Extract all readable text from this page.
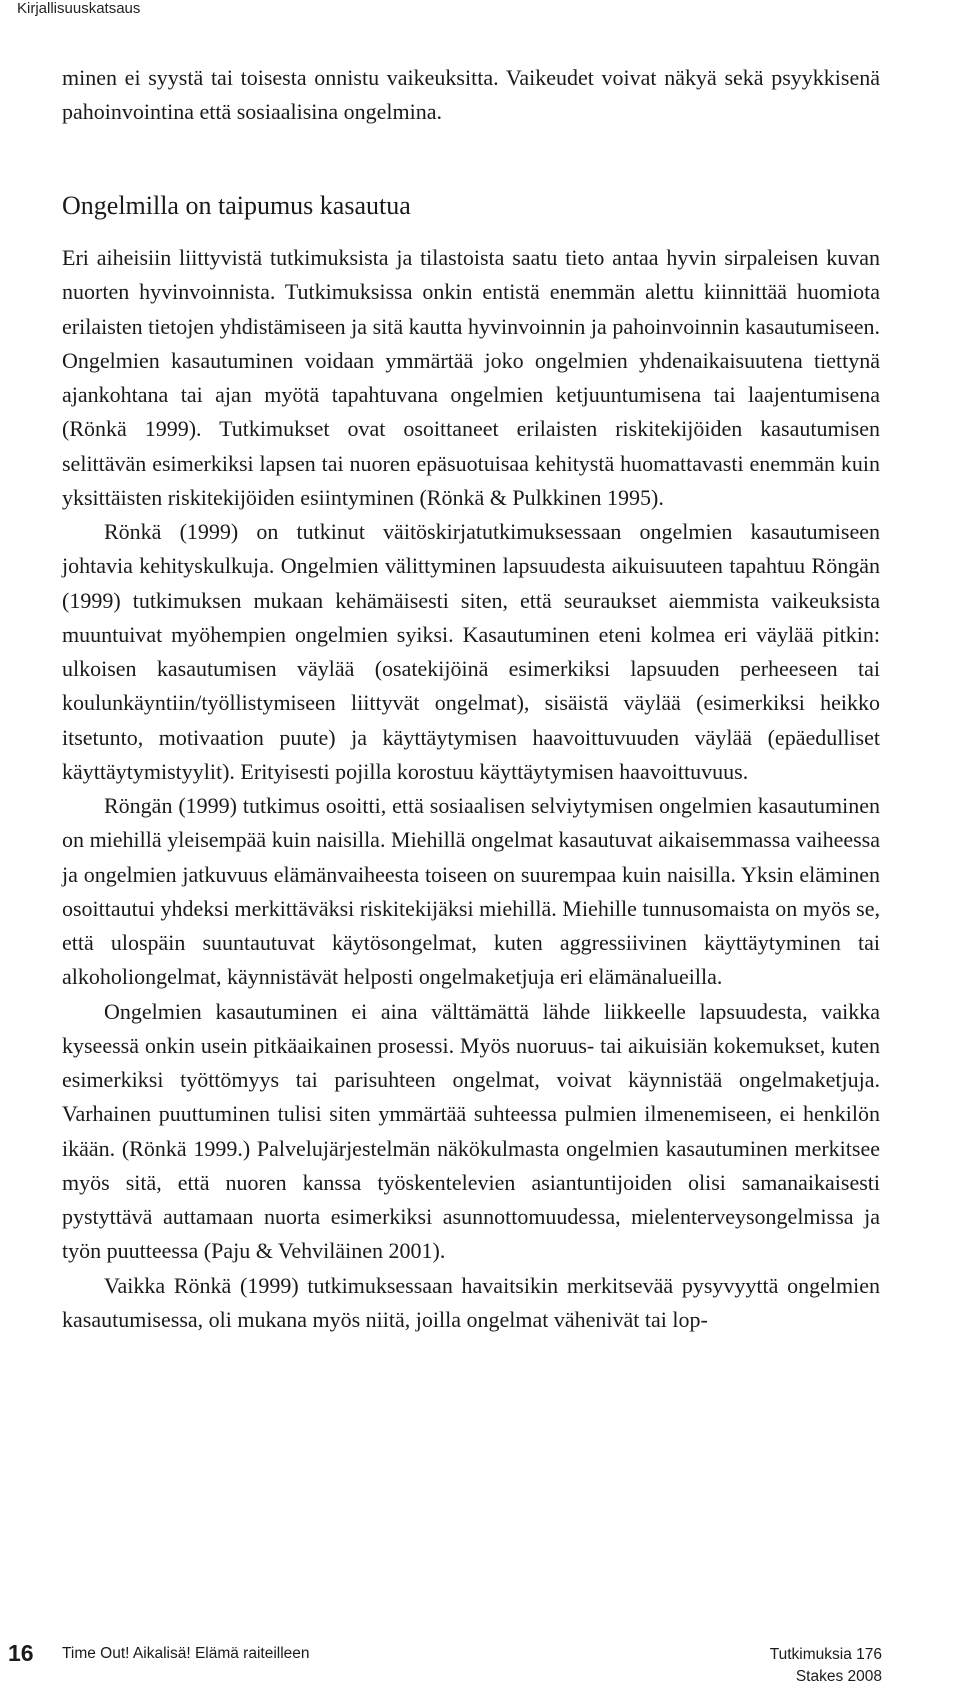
Kirjallisuuskatsaus

minen ei syystä tai toisesta onnistu vaikeuksitta. Vaikeudet voivat näkyä sekä psyykkisenä pahoinvointina että sosiaalisina ongelmina.

Ongelmilla on taipumus kasautua

Eri aiheisiin liittyvistä tutkimuksista ja tilastoista saatu tieto antaa hyvin sirpaleisen kuvan nuorten hyvinvoinnista. Tutkimuksissa onkin entistä enemmän alettu kiinnittää huomiota erilaisten tietojen yhdistämiseen ja sitä kautta hyvinvoinnin ja pahoinvoinnin kasautumiseen. Ongelmien kasautuminen voidaan ymmärtää joko ongelmien yhdenaikaisuutena tiettynä ajankohtana tai ajan myötä tapahtuvana ongelmien ketjuuntumisena tai laajentumisena (Rönkä 1999). Tutkimukset ovat osoittaneet erilaisten riskitekijöiden kasautumisen selittävän esimerkiksi lapsen tai nuoren epäsuotuisaa kehitystä huomattavasti enemmän kuin yksittäisten riskitekijöiden esiintyminen (Rönkä & Pulkkinen 1995).

Rönkä (1999) on tutkinut väitöskirjatutkimuksessaan ongelmien kasautumiseen johtavia kehityskulkuja. Ongelmien välittyminen lapsuudesta aikuisuuteen tapahtuu Röngän (1999) tutkimuksen mukaan kehämäisesti siten, että seuraukset aiemmista vaikeuksista muuntuivat myöhempien ongelmien syiksi. Kasautuminen eteni kolmea eri väylää pitkin: ulkoisen kasautumisen väylää (osatekijöinä esimerkiksi lapsuuden perheeseen tai koulunkäyntiin/työllistymiseen liittyvät ongelmat), sisäistä väylää (esimerkiksi heikko itsetunto, motivaation puute) ja käyttäytymisen haavoittuvuuden väylää (epäedulliset käyttäytymistyylit). Erityisesti pojilla korostuu käyttäytymisen haavoittuvuus.

Röngän (1999) tutkimus osoitti, että sosiaalisen selviytymisen ongelmien kasautuminen on miehillä yleisempää kuin naisilla. Miehillä ongelmat kasautuvat aikaisemmassa vaiheessa ja ongelmien jatkuvuus elämänvaiheesta toiseen on suurempaa kuin naisilla. Yksin eläminen osoittautui yhdeksi merkittäväksi riskitekijäksi miehillä. Miehille tunnusomaista on myös se, että ulospäin suuntautuvat käytösongelmat, kuten aggressiivinen käyttäytyminen tai alkoholiongelmat, käynnistävät helposti ongelmaketjuja eri elämänalueilla.

Ongelmien kasautuminen ei aina välttämättä lähde liikkeelle lapsuudesta, vaikka kyseessä onkin usein pitkäaikainen prosessi. Myös nuoruus- tai aikuisiän kokemukset, kuten esimerkiksi työttömyys tai parisuhteen ongelmat, voivat käynnistää ongelmaketjuja. Varhainen puuttuminen tulisi siten ymmärtää suhteessa pulmien ilmenemiseen, ei henkilön ikään. (Rönkä 1999.) Palvelujärjestelmän näkökulmasta ongelmien kasautuminen merkitsee myös sitä, että nuoren kanssa työskentelevien asiantuntijoiden olisi samanaikaisesti pystyttävä auttamaan nuorta esimerkiksi asunnottomuudessa, mielenterveysongelmissa ja työn puutteessa (Paju & Vehviläinen 2001).

Vaikka Rönkä (1999) tutkimuksessaan havaitsikin merkitsevää pysyvyyttä ongelmien kasautumisessa, oli mukana myös niitä, joilla ongelmat vähenivät tai lop-

16 Time Out! Aikalisä! Elämä raiteilleen	Tutkimuksia 176
Stakes 2008
